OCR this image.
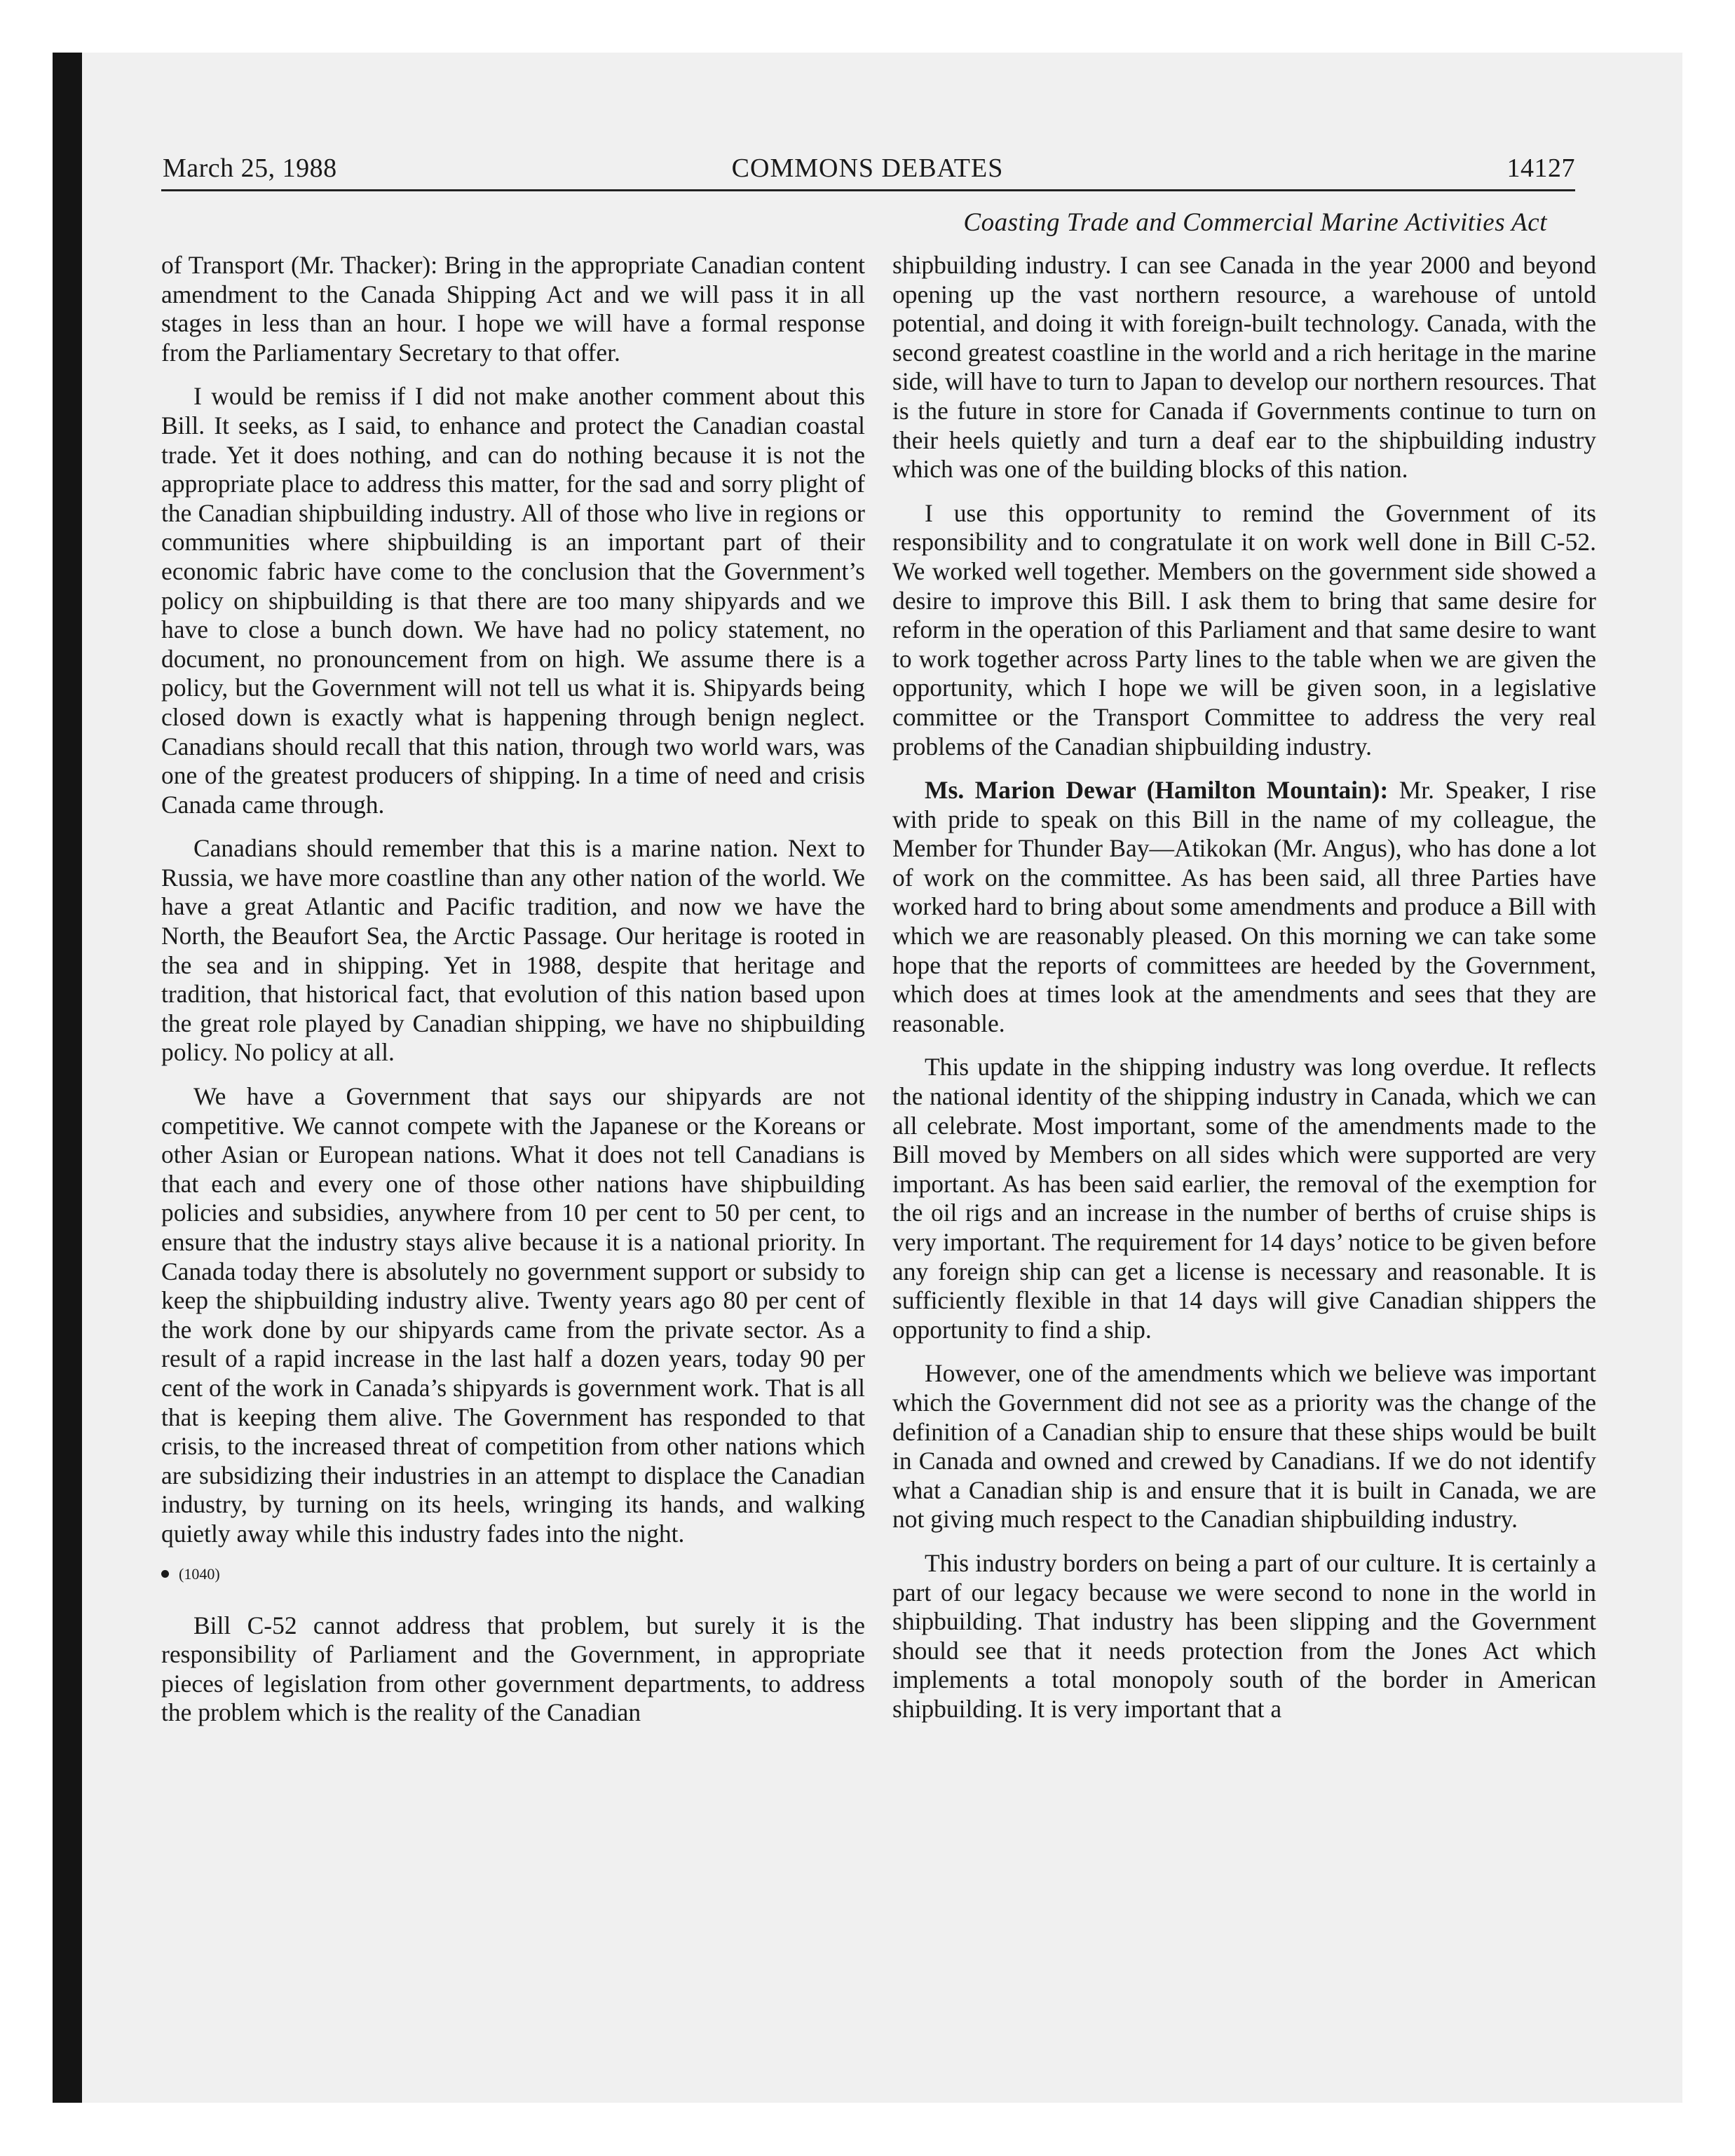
March 25, 1988	COMMONS DEBATES	14127
Coasting Trade and Commercial Marine Activities Act

of Transport (Mr. Thacker): Bring in the appropriate Canadian content amendment to the Canada Shipping Act and we will pass it in all stages in less than an hour. I hope we will have a formal response from the Parliamentary Secretary to that offer.

I would be remiss if I did not make another comment about this Bill. It seeks, as I said, to enhance and protect the Canadian coastal trade. Yet it does nothing, and can do nothing because it is not the appropriate place to address this matter, for the sad and sorry plight of the Canadian shipbuilding industry. All of those who live in regions or communities where shipbuilding is an important part of their economic fabric have come to the conclusion that the Government’s policy on shipbuilding is that there are too many shipyards and we have to close a bunch down. We have had no policy statement, no document, no pronouncement from on high. We assume there is a policy, but the Government will not tell us what it is. Shipyards being closed down is exactly what is happening through benign neglect. Canadians should recall that this nation, through two world wars, was one of the greatest producers of shipping. In a time of need and crisis Canada came through.

Canadians should remember that this is a marine nation. Next to Russia, we have more coastline than any other nation of the world. We have a great Atlantic and Pacific tradition, and now we have the North, the Beaufort Sea, the Arctic Passage. Our heritage is rooted in the sea and in shipping. Yet in 1988, despite that heritage and tradition, that historical fact, that evolution of this nation based upon the great role played by Canadian shipping, we have no shipbuilding policy. No policy at all.

We have a Government that says our shipyards are not competitive. We cannot compete with the Japanese or the Koreans or other Asian or European nations. What it does not tell Canadians is that each and every one of those other nations have shipbuilding policies and subsidies, anywhere from 10 per cent to 50 per cent, to ensure that the industry stays alive because it is a national priority. In Canada today there is absolutely no government support or subsidy to keep the shipbuilding industry alive. Twenty years ago 80 per cent of the work done by our shipyards came from the private sector. As a result of a rapid increase in the last half a dozen years, today 90 per cent of the work in Canada’s shipyards is government work. That is all that is keeping them alive. The Government has responded to that crisis, to the increased threat of competition from other nations which are subsidizing their industries in an attempt to displace the Canadian industry, by turning on its heels, wringing its hands, and walking quietly away while this industry fades into the night.

(1040)

Bill C-52 cannot address that problem, but surely it is the responsibility of Parliament and the Government, in appropriate pieces of legislation from other government departments, to address the problem which is the reality of the Canadian

shipbuilding industry. I can see Canada in the year 2000 and beyond opening up the vast northern resource, a warehouse of untold potential, and doing it with foreign-built technology. Canada, with the second greatest coastline in the world and a rich heritage in the marine side, will have to turn to Japan to develop our northern resources. That is the future in store for Canada if Governments continue to turn on their heels quietly and turn a deaf ear to the shipbuilding industry which was one of the building blocks of this nation.

I use this opportunity to remind the Government of its responsibility and to congratulate it on work well done in Bill C-52. We worked well together. Members on the government side showed a desire to improve this Bill. I ask them to bring that same desire for reform in the operation of this Parliament and that same desire to want to work together across Party lines to the table when we are given the opportunity, which I hope we will be given soon, in a legislative committee or the Transport Committee to address the very real problems of the Canadian shipbuilding industry.

Ms. Marion Dewar (Hamilton Mountain): Mr. Speaker, I rise with pride to speak on this Bill in the name of my colleague, the Member for Thunder Bay—Atikokan (Mr. Angus), who has done a lot of work on the committee. As has been said, all three Parties have worked hard to bring about some amendments and produce a Bill with which we are reasonably pleased. On this morning we can take some hope that the reports of committees are heeded by the Government, which does at times look at the amendments and sees that they are reasonable.

This update in the shipping industry was long overdue. It reflects the national identity of the shipping industry in Canada, which we can all celebrate. Most important, some of the amendments made to the Bill moved by Members on all sides which were supported are very important. As has been said earlier, the removal of the exemption for the oil rigs and an increase in the number of berths of cruise ships is very important. The requirement for 14 days’ notice to be given before any foreign ship can get a license is necessary and reasonable. It is sufficiently flexible in that 14 days will give Canadian shippers the opportunity to find a ship.

However, one of the amendments which we believe was important which the Government did not see as a priority was the change of the definition of a Canadian ship to ensure that these ships would be built in Canada and owned and crewed by Canadians. If we do not identify what a Canadian ship is and ensure that it is built in Canada, we are not giving much respect to the Canadian shipbuilding industry.

This industry borders on being a part of our culture. It is certainly a part of our legacy because we were second to none in the world in shipbuilding. That industry has been slipping and the Government should see that it needs protection from the Jones Act which implements a total monopoly south of the border in American shipbuilding. It is very important that a
